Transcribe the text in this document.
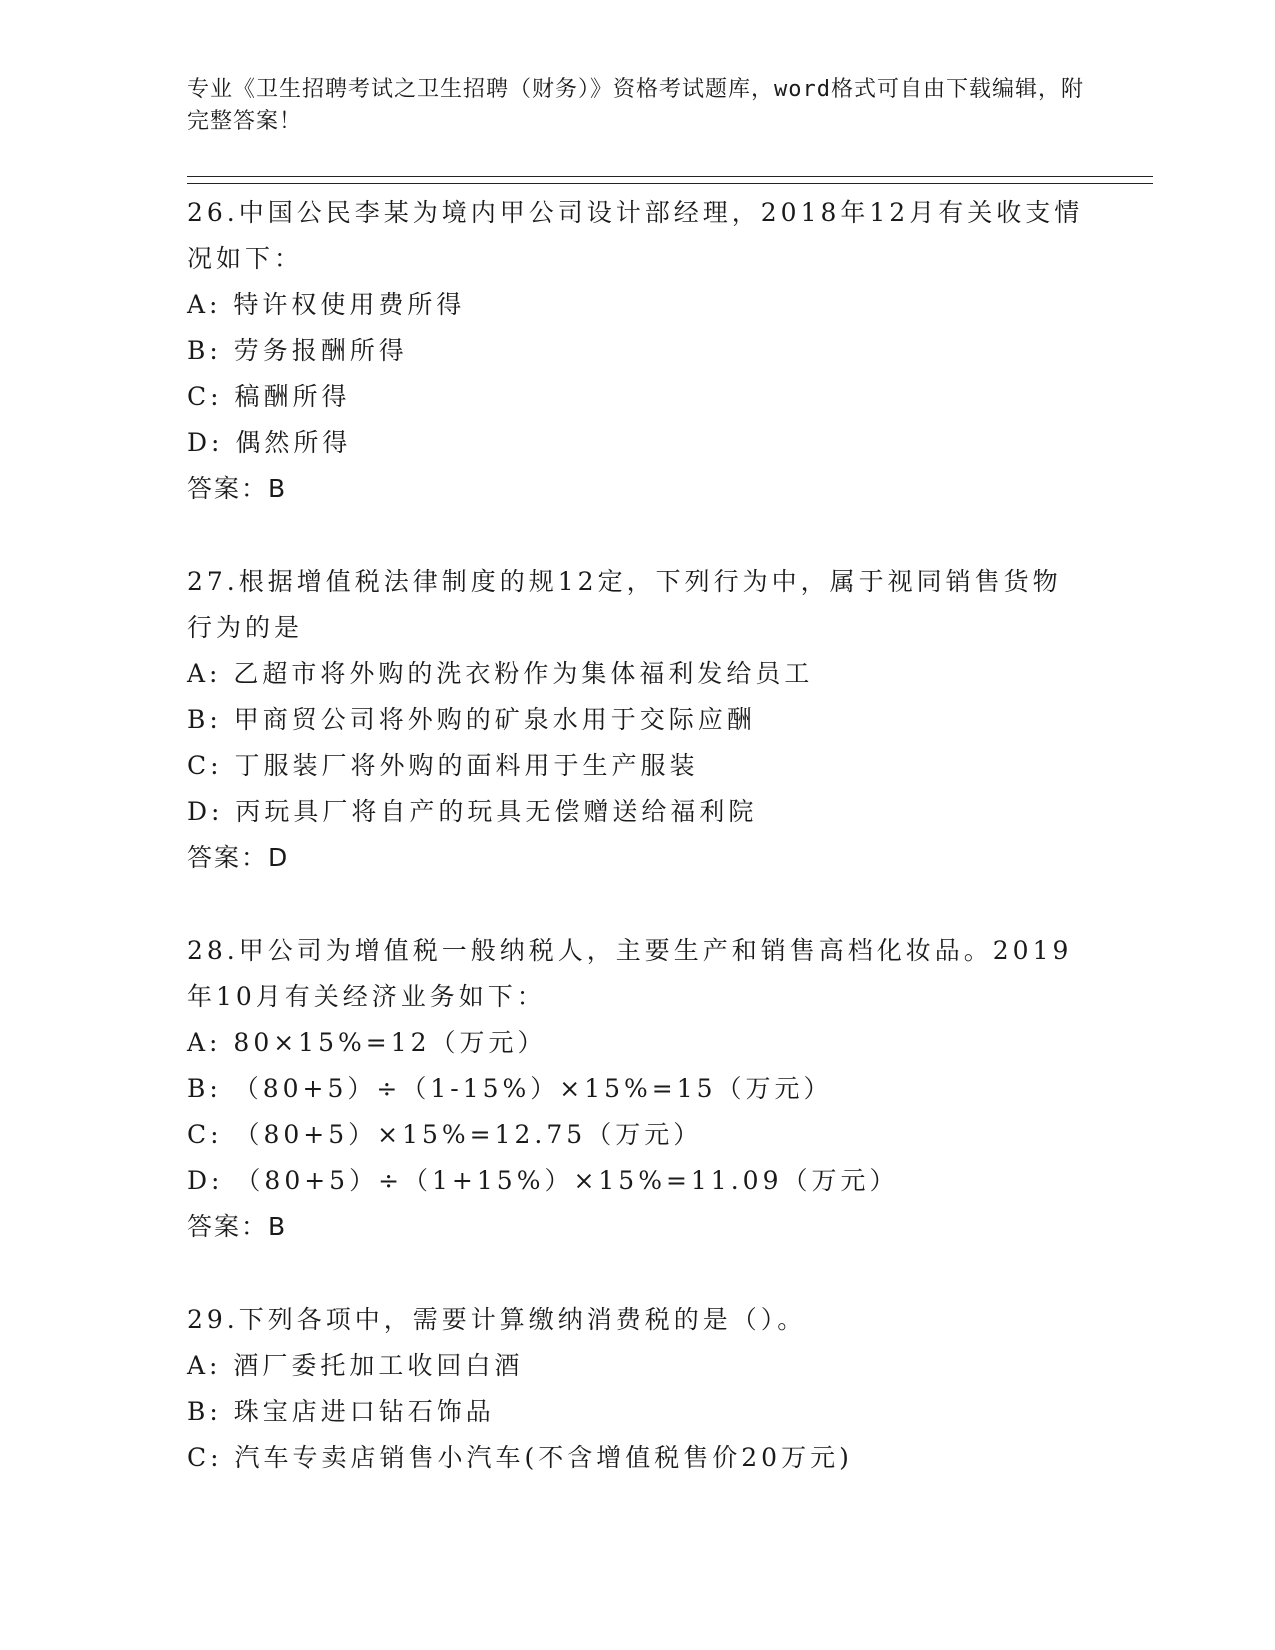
专业《卫生招聘考试之卫生招聘（财务）》资格考试题库，word格式可自由下载编辑，附完整答案！

26.中国公民李某为境内甲公司设计部经理，2018年12月有关收支情况如下：

A: 特许权使用费所得

B: 劳务报酬所得

C: 稿酬所得

D: 偶然所得

答案：B

27.根据增值税法律制度的规12定，下列行为中，属于视同销售货物行为的是

A: 乙超市将外购的洗衣粉作为集体福利发给员工

B: 甲商贸公司将外购的矿泉水用于交际应酬

C: 丁服装厂将外购的面料用于生产服装

D: 丙玩具厂将自产的玩具无偿赠送给福利院

答案：D

28.甲公司为增值税一般纳税人，主要生产和销售高档化妆品。2019年10月有关经济业务如下：

A: 80×15%=12（万元）

B: （80+5）÷（1-15%）×15%=15（万元）

C: （80+5）×15%=12.75（万元）

D: （80+5）÷（1+15%）×15%=11.09（万元）

答案：B

29.下列各项中，需要计算缴纳消费税的是（）。

A: 酒厂委托加工收回白酒

B: 珠宝店进口钻石饰品

C: 汽车专卖店销售小汽车(不含增值税售价20万元)
